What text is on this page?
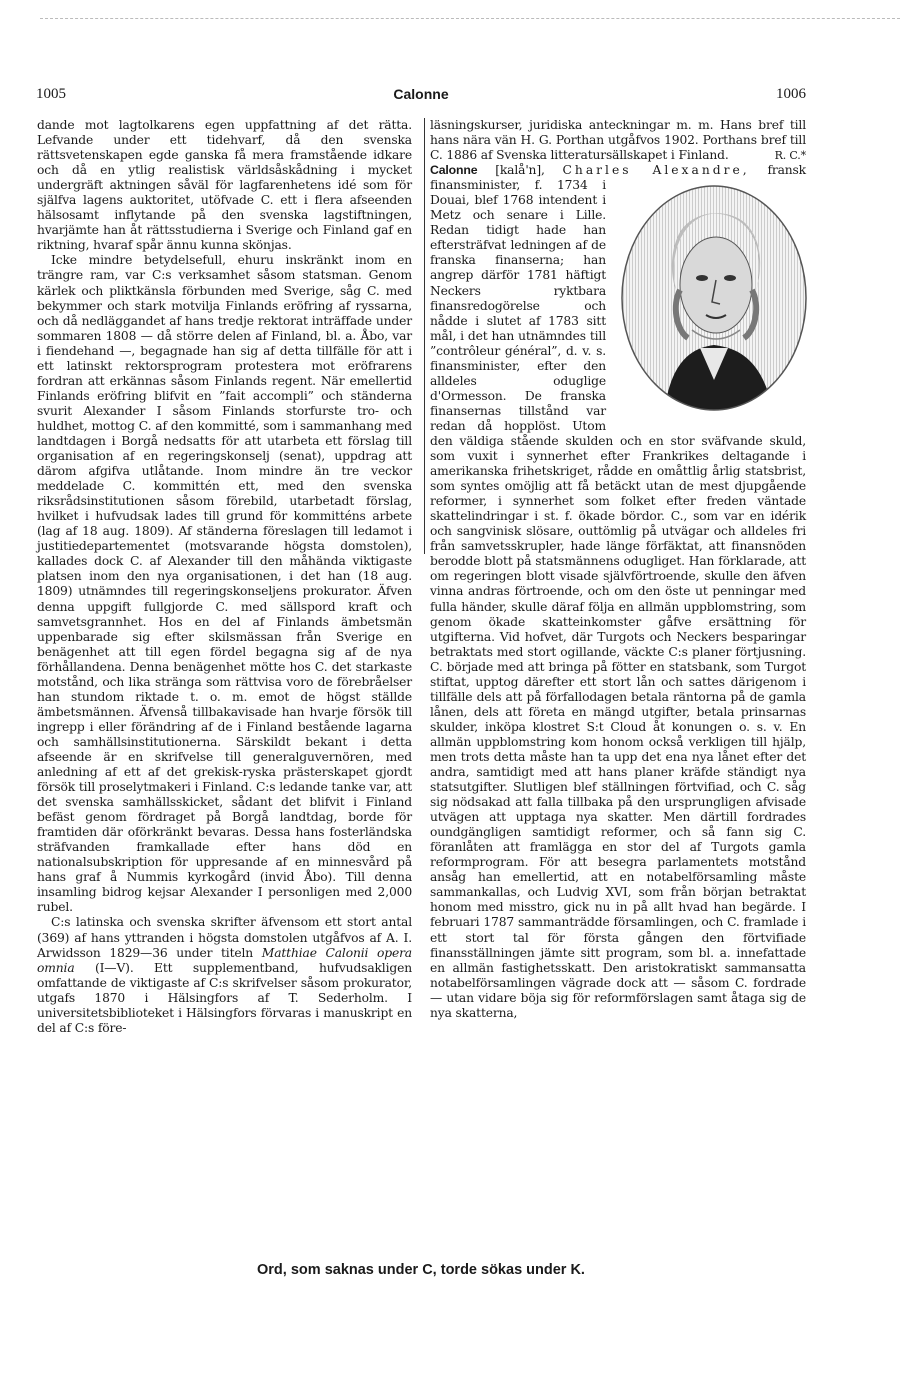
1005	Calonne	1006

dande mot lagtolkarens egen uppfattning af det rätta. Lefvande under ett tidehvarf, då den svenska rättsvetenskapen egde ganska få mera framstående idkare och då en ytlig realistisk världsåskådning i mycket undergräft aktningen såväl för lagfarenhetens idé som för själfva lagens auktoritet, utöfvade C. ett i flera afseenden hälsosamt inflytande på den svenska lagstiftningen, hvarjämte han åt rättsstudierna i Sverige och Finland gaf en riktning, hvaraf spår ännu kunna skönjas.

Icke mindre betydelsefull, ehuru inskränkt inom en trängre ram, var C:s verksamhet såsom statsman. Genom kärlek och pliktkänsla förbunden med Sverige, såg C. med bekymmer och stark motvilja Finlands eröfring af ryssarna, och då nedläggandet af hans tredje rektorat inträffade under sommaren 1808 — då större delen af Finland, bl. a. Åbo, var i fiendehand —, begagnade han sig af detta tillfälle för att i ett latinskt rektorsprogram protestera mot eröfrarens fordran att erkännas såsom Finlands regent. När emellertid Finlands eröfring blifvit en ”fait accompli” och ständerna svurit Alexander I såsom Finlands storfurste tro- och huldhet, mottog C. af den kommitté, som i sammanhang med landtdagen i Borgå nedsatts för att utarbeta ett förslag till organisation af en regeringskonselj (senat), uppdrag att därom afgifva utlåtande. Inom mindre än tre veckor meddelade C. kommittén ett, med den svenska riksrådsinstitutionen såsom förebild, utarbetadt förslag, hvilket i hufvudsak lades till grund för kommitténs arbete (lag af 18 aug. 1809). Af ständerna föreslagen till ledamot i justitiedepartementet (motsvarande högsta domstolen), kallades dock C. af Alexander till den måhända viktigaste platsen inom den nya organisationen, i det han (18 aug. 1809) utnämndes till regeringskonseljens prokurator. Äfven denna uppgift fullgjorde C. med sällspord kraft och samvetsgrannhet. Hos en del af Finlands ämbetsmän uppenbarade sig efter skilsmässan från Sverige en benägenhet att till egen fördel begagna sig af de nya förhållandena. Denna benägenhet mötte hos C. det starkaste motstånd, och lika stränga som rättvisa voro de förebråelser han stundom riktade t. o. m. emot de högst ställde ämbetsmännen. Äfvenså tillbakavisade han hvarje försök till ingrepp i eller förändring af de i Finland bestående lagarna och samhällsinstitutionerna. Särskildt bekant i detta afseende är en skrifvelse till generalguvernören, med anledning af ett af det grekisk-ryska prästerskapet gjordt försök till proselytmakeri i Finland. C:s ledande tanke var, att det svenska samhällsskicket, sådant det blifvit i Finland befäst genom fördraget på Borgå landtdag, borde för framtiden där oförkränkt bevaras. Dessa hans fosterländska sträfvanden framkallade efter hans död en nationalsubskription för uppresande af en minnesvård på hans graf å Nummis kyrkogård (invid Åbo). Till denna insamling bidrog kejsar Alexander I personligen med 2,000 rubel.

C:s latinska och svenska skrifter äfvensom ett stort antal (369) af hans yttranden i högsta domstolen utgåfvos af A. I. Arwidsson 1829—36 under titeln Matthiae Calonii opera omnia (I—V). Ett supplementband, hufvudsakligen omfattande de viktigaste af C:s skrifvelser såsom prokurator, utgafs 1870 i Hälsingfors af T. Sederholm. I universitetsbiblioteket i Hälsingfors förvaras i manuskript en del af C:s före-

läsningskurser, juridiska anteckningar m. m. Hans bref till hans nära vän H. G. Porthan utgåfvos 1902. Porthans bref till C. 1886 af Svenska litteratursällskapet i Finland.	R. C.*

Calonne [kalå'n], Charles Alexandre,
fransk finansminister, f. 1734 i Douai, blef 1768 intendent i Metz och senare i Lille. Redan tidigt hade han eftersträfvat ledningen af de franska finanserna; han angrep därför 1781 häftigt Neckers ryktbara finansredogörelse och nådde i slutet af 1783 sitt mål, i det han utnämndes till ”contrôleur général”, d. v. s. finansminister, efter den alldeles oduglige d'Ormesson. De franska finansernas tillstånd var redan då hopplöst. Utom den väldiga stående skulden och en stor sväfvande skuld, som vuxit i synnerhet efter Frankrikes deltagande i amerikanska frihetskriget, rådde en omåttlig årlig statsbrist, som syntes omöjlig att få betäckt utan de mest djupgående reformer, i synnerhet som folket efter freden väntade skattelindringar i st. f. ökade bördor. C., som var en idérik och sangvinisk slösare, outtömlig på utvägar och alldeles fri från samvetsskrupler, hade länge förfäktat, att finansnöden berodde blott på statsmännens odugliget. Han förklarade, att om regeringen blott visade självförtroende, skulle den äfven vinna andras förtroende, och om den öste ut penningar med fulla händer, skulle däraf följa en allmän uppblomstring, som genom ökade skatteinkomster gåfve ersättning för utgifterna. Vid hofvet, där Turgots och Neckers besparingar betraktats med stort ogillande, väckte C:s planer förtjusning. C. började med att bringa på fötter en statsbank, som Turgot stiftat, upptog därefter ett stort lån och sattes därigenom i tillfälle dels att på förfallodagen betala räntorna på de gamla lånen, dels att företa en mängd utgifter, betala prinsarnas skulder, inköpa klostret S:t Cloud åt konungen o. s. v. En allmän uppblomstring kom honom också verkligen till hjälp, men trots detta måste han ta upp det ena nya lånet efter det andra, samtidigt med att hans planer kräfde ständigt nya statsutgifter. Slutligen blef ställningen förtvifiad, och C. såg sig nödsakad att falla tillbaka på den ursprungligen afvisade utvägen att upptaga nya skatter. Men därtill fordrades oundgängligen samtidigt reformer, och så fann sig C. föranlåten att framlägga en stor del af Turgots gamla reformprogram. För att besegra parlamentets motstånd ansåg han emellertid, att en notabelförsamling måste sammankallas, och Ludvig XVI, som från början betraktat honom med misstro, gick nu in på allt hvad han begärde. I februari 1787 sammanträdde församlingen, och C. framlade i ett stort tal för första gången den förtvifiade finansställningen jämte sitt program, som bl. a. innefattade en allmän fastighetsskatt. Den aristokratiskt sammansatta notabelförsamlingen vägrade dock att — såsom C. fordrade — utan vidare böja sig för reformförslagen samt åtaga sig de nya skatterna,

Ord, som saknas under C, torde sökas under K.
